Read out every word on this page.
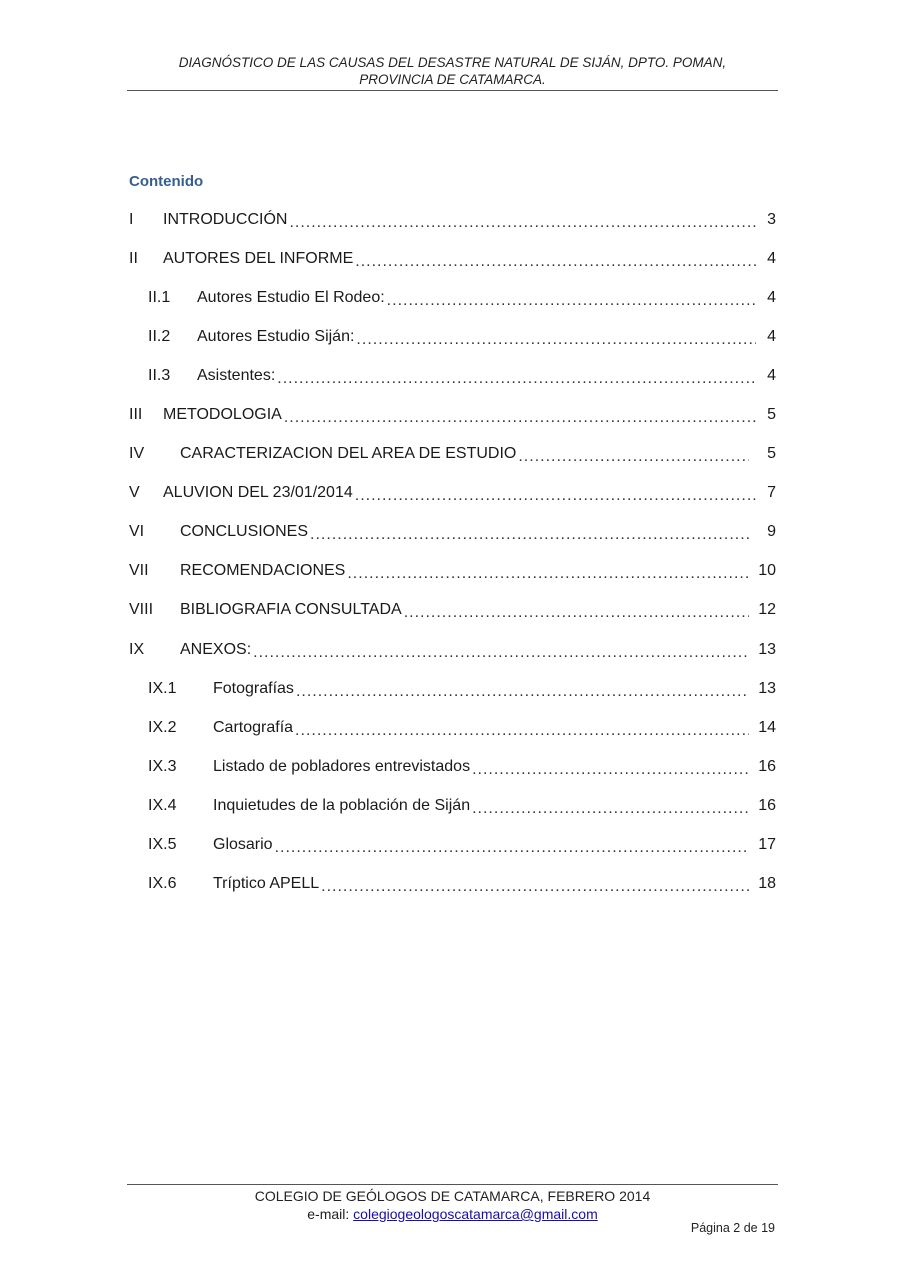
DIAGNÓSTICO DE LAS CAUSAS DEL DESASTRE NATURAL DE SIJÁN, DPTO. POMAN,
PROVINCIA DE CATAMARCA.
Contenido
I	INTRODUCCIÓN .....	3
II	AUTORES DEL INFORME .....	4
II.1	Autores Estudio El Rodeo: .....	4
II.2	Autores Estudio Siján: .....	4
II.3	Asistentes: .....	4
III	METODOLOGIA .....	5
IV	CARACTERIZACION DEL AREA DE ESTUDIO .....	5
V	ALUVION DEL 23/01/2014 .....	7
VI	CONCLUSIONES .....	9
VII	RECOMENDACIONES .....	10
VIII	BIBLIOGRAFIA CONSULTADA .....	12
IX	ANEXOS: .....	13
IX.1	Fotografías .....	13
IX.2	Cartografía .....	14
IX.3	Listado de pobladores entrevistados .....	16
IX.4	Inquietudes de la población de Siján .....	16
IX.5	Glosario .....	17
IX.6	Tríptico APELL .....	18
COLEGIO DE GEÓLOGOS DE CATAMARCA, FEBRERO 2014
e-mail: colegiogeologoscatamarca@gmail.com
Página 2 de 19
